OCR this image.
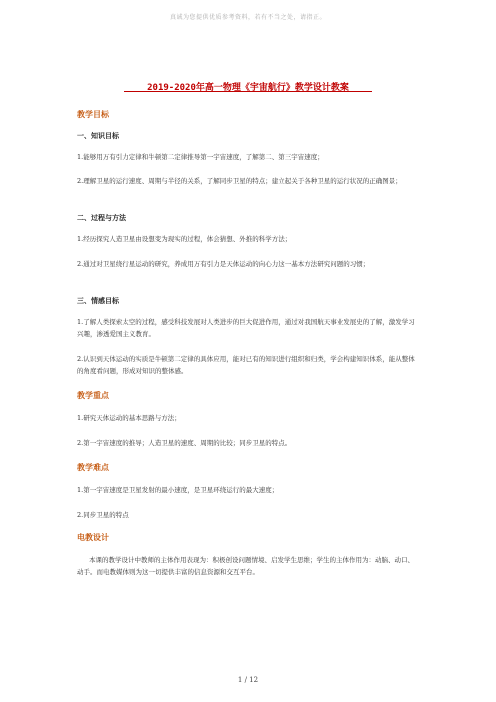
真诚为您提供优质参考资料，若有不当之处，请指正。
2019-2020年高一物理《宇宙航行》教学设计教案
教学目标
一、知识目标
1.能够用万有引力定律和牛顿第二定律推导第一宇宙速度，了解第二、第三宇宙速度；
2.理解卫星的运行速度、周期与半径的关系，了解同步卫星的特点；建立起关于各种卫星的运行状况的正确图景；
二、过程与方法
1.经历探究人造卫星由设想变为现实的过程，体会猜想、外推的科学方法；
2.通过对卫星绕行星运动的研究，养成用万有引力是天体运动的向心力这一基本方法研究问题的习惯；
三、情感目标
1.了解人类探索太空的过程，感受科技发展对人类进步的巨大促进作用，通过对我国航天事业发展史的了解，激发学习兴趣，渗透爱国主义教育。
2.认识到天体运动的实质是牛顿第二定律的具体应用，能对已有的知识进行组织和归类，学会构建知识体系，能从整体的角度看问题，形成对知识的整体感。
教学重点
1.研究天体运动的基本思路与方法；
2.第一宇宙速度的推导；人造卫星的速度、周期的比较；同步卫星的特点。
教学难点
1.第一宇宙速度是卫星发射的最小速度，是卫星环绕运行的最大速度；
2.同步卫星的特点
电教设计
本课的教学设计中教师的主体作用表现为：积极创设问题情境、启发学生思维；学生的主体作用为：动脑、动口、动手。而电教媒体则为这一切提供丰富的信息资源和交互平台。
1 / 12
